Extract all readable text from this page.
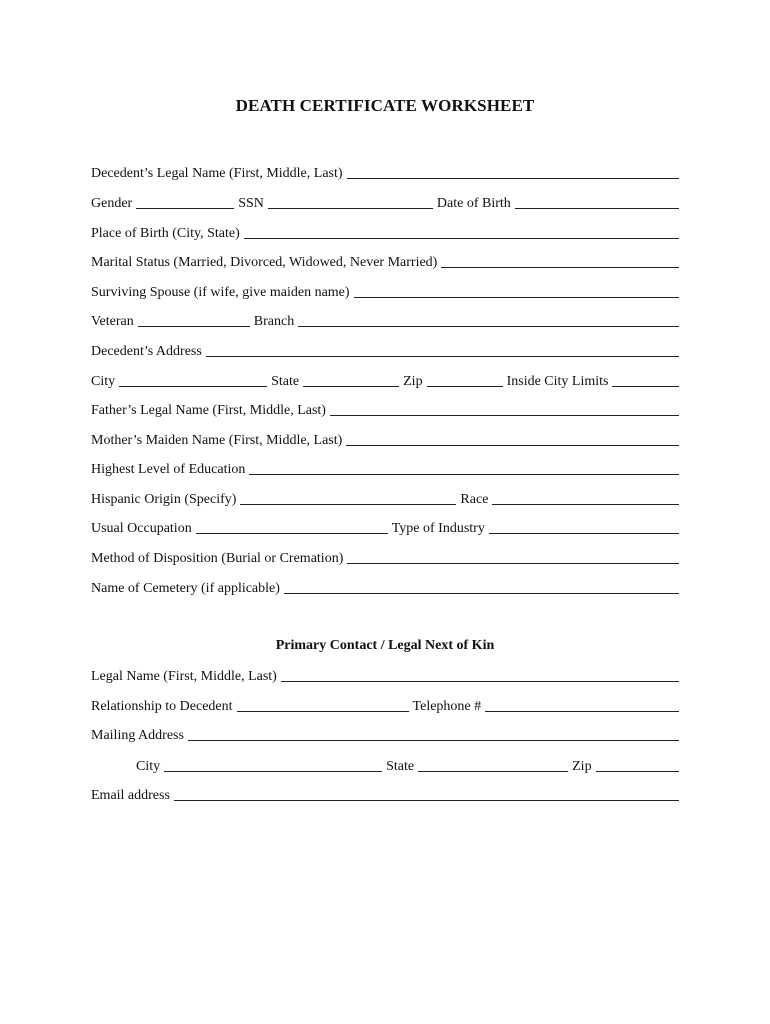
DEATH CERTIFICATE WORKSHEET
Decedent’s Legal Name (First, Middle, Last)
Gender	SSN	Date of Birth
Place of Birth (City, State)
Marital Status (Married, Divorced, Widowed, Never Married)
Surviving Spouse (if wife, give maiden name)
Veteran	Branch
Decedent’s Address
City	State	Zip	Inside City Limits
Father’s Legal Name (First, Middle, Last)
Mother’s Maiden Name (First, Middle, Last)
Highest Level of Education
Hispanic Origin (Specify)	Race
Usual Occupation	Type of Industry
Method of Disposition (Burial or Cremation)
Name of Cemetery (if applicable)
Primary Contact / Legal Next of Kin
Legal Name (First, Middle, Last)
Relationship to Decedent	Telephone #
Mailing Address
City	State	Zip
Email address
